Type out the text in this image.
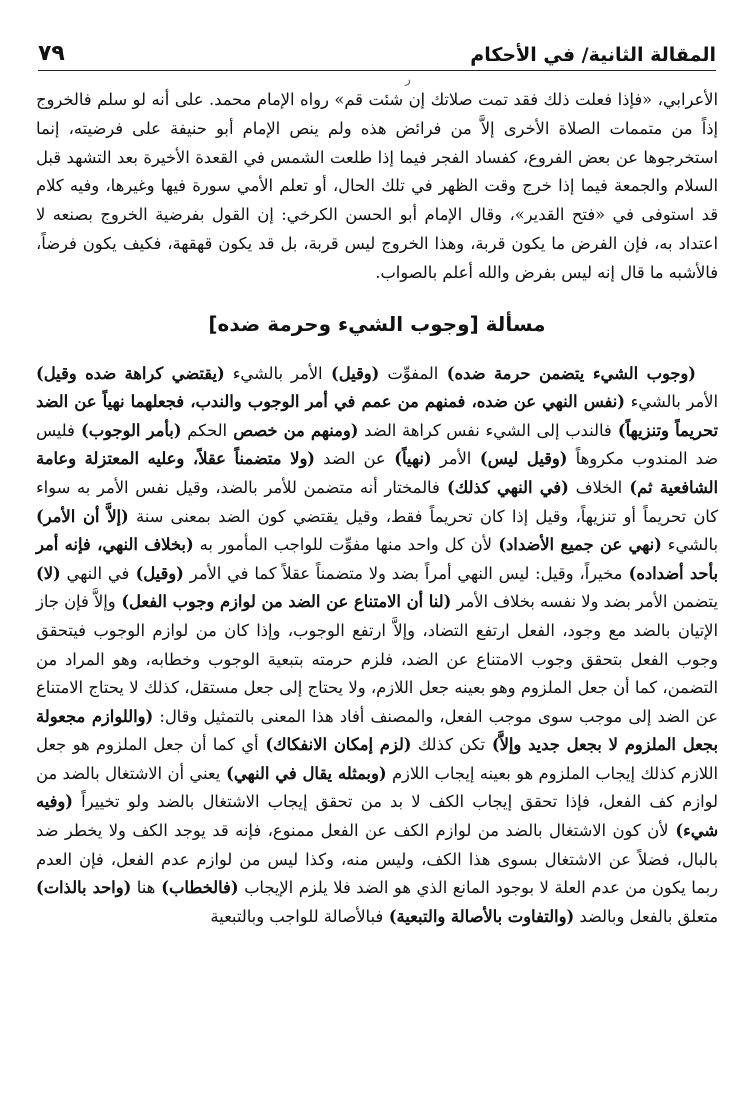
المقالة الثانية/ في الأحكام
٧٩
ر

الأعرابي، «فإذا فعلت ذلك فقد تمت صلاتك إن شئت قم» رواه الإمام محمد. على أنه لو سلم فالخروج إذاً من متممات الصلاة الأخرى إلاَّ من فرائض هذه ولم ينص الإمام أبو حنيفة على فرضيته، إنما استخرجوها عن بعض الفروع، كفساد الفجر فيما إذا طلعت الشمس في القعدة الأخيرة بعد التشهد قبل السلام والجمعة فيما إذا خرج وقت الظهر في تلك الحال، أو تعلم الأمي سورة فيها وغيرها، وفيه كلام قد استوفى في «فتح القدير»، وقال الإمام أبو الحسن الكرخي: إن القول بفرضية الخروج بصنعه لا اعتداد به، فإن الفرض ما يكون قربة، وهذا الخروج ليس قربة، بل قد يكون قهقهة، فكيف يكون فرضاً، فالأشبه ما قال إنه ليس بفرض والله أعلم بالصواب.

مسألة [وجوب الشيء وحرمة ضده]

(وجوب الشيء يتضمن حرمة ضده) المفوِّت (وقيل) الأمر بالشيء (يقتضي كراهة ضده وقيل) الأمر بالشيء (نفس النهي عن ضده، فمنهم من عمم في أمر الوجوب والندب، فجعلهما نهياً عن الضد تحريماً وتنزيهاً) فالندب إلى الشيء نفس كراهة الضد (ومنهم من خصص الحكم (بأمر الوجوب) فليس ضد المندوب مكروهاً (وقيل ليس) الأمر (نهياً) عن الضد (ولا متضمناً عقلاً، وعليه المعتزلة وعامة الشافعية ثم) الخلاف (في النهي كذلك) فالمختار أنه متضمن للأمر بالضد، وقيل نفس الأمر به سواء كان تحريماً أو تنزيهاً، وقيل إذا كان تحريماً فقط، وقيل يقتضي كون الضد بمعنى سنة (إلاَّ أن الأمر) بالشيء (نهي عن جميع الأضداد) لأن كل واحد منها مفوِّت للواجب المأمور به (بخلاف النهي، فإنه أمر بأحد أضداده) مخيراً، وقيل: ليس النهي أمراً بضد ولا متضمناً عقلاً كما في الأمر (وقيل) في النهي (لا) يتضمن الأمر بضد ولا نفسه بخلاف الأمر (لنا أن الامتناع عن الضد من لوازم وجوب الفعل) وإلاَّ فإن جاز الإتيان بالضد مع وجود، الفعل ارتفع التضاد، وإلاَّ ارتفع الوجوب، وإذا كان من لوازم الوجوب فيتحقق وجوب الفعل بتحقق وجوب الامتناع عن الضد، فلزم حرمته بتبعية الوجوب وخطابه، وهو المراد من التضمن، كما أن جعل الملزوم وهو بعينه جعل اللازم، ولا يحتاج إلى جعل مستقل، كذلك لا يحتاج الامتناع عن الضد إلى موجب سوى موجب الفعل، والمصنف أفاد هذا المعنى بالتمثيل وقال: (واللوازم مجعولة بجعل الملزوم لا بجعل جديد وإلاَّ) تكن كذلك (لزم إمكان الانفكاك) أي كما أن جعل الملزوم هو جعل اللازم كذلك إيجاب الملزوم هو بعينه إيجاب اللازم (وبمثله يقال في النهي) يعني أن الاشتغال بالضد من لوازم كف الفعل، فإذا تحقق إيجاب الكف لا بد من تحقق إيجاب الاشتغال بالضد ولو تخييراً (وفيه شيء) لأن كون الاشتغال بالضد من لوازم الكف عن الفعل ممنوع، فإنه قد يوجد الكف ولا يخطر ضد بالبال، فضلاً عن الاشتغال بسوى هذا الكف، وليس منه، وكذا ليس من لوازم عدم الفعل، فإن العدم ربما يكون من عدم العلة لا بوجود المانع الذي هو الضد فلا يلزم الإيجاب (فالخطاب) هنا (واحد بالذات) متعلق بالفعل وبالضد (والتفاوت بالأصالة والتبعية) فبالأصالة للواجب وبالتبعية
